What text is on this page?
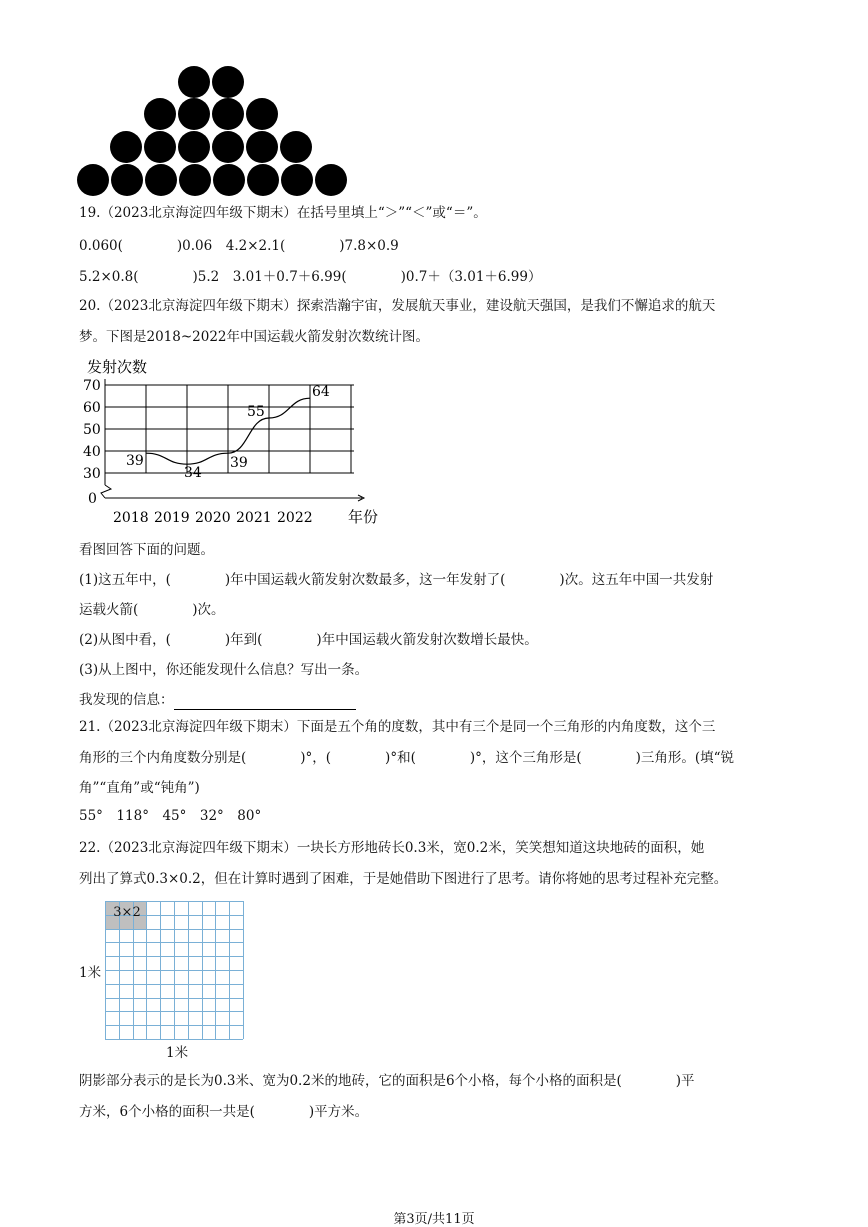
19.（2023北京海淀四年级下期末）在括号里填上“＞”“＜”或“＝”。
0.060(　　　　)0.06　4.2×2.1(　　　　)7.8×0.9
5.2×0.8(　　　　)5.2　3.01＋0.7＋6.99(　　　　)0.7＋（3.01＋6.99）
20.（2023北京海淀四年级下期末）探索浩瀚宇宙，发展航天事业，建设航天强国，是我们不懈追求的航天
梦。下图是2018~2022年中国运载火箭发射次数统计图。
发射次数
0
30
40
50
60
70
2018 2019 2020 2021 2022 年份
39
34
39
55
64
看图回答下面的问题。
(1)这五年中，(　　　　)年中国运载火箭发射次数最多，这一年发射了(　　　　)次。这五年中国一共发射
运载火箭(　　　　)次。
(2)从图中看，(　　　　)年到(　　　　)年中国运载火箭发射次数增长最快。
(3)从上图中，你还能发现什么信息？写出一条。
我发现的信息：
21.（2023北京海淀四年级下期末）下面是五个角的度数，其中有三个是同一个三角形的内角度数，这个三
角形的三个内角度数分别是(　　　　)°，(　　　　)°和(　　　　)°，这个三角形是(　　　　)三角形。(填“锐
角”“直角”或“钝角”)
55°　118°　45°　32°　80°
22.（2023北京海淀四年级下期末）一块长方形地砖长0.3米，宽0.2米，笑笑想知道这块地砖的面积，她
列出了算式0.3×0.2，但在计算时遇到了困难，于是她借助下图进行了思考。请你将她的思考过程补充完整。
3×2
1米
1米
阴影部分表示的是长为0.3米、宽为0.2米的地砖，它的面积是6个小格，每个小格的面积是(　　　　)平
方米，6个小格的面积一共是(　　　　)平方米。
第3页/共11页
